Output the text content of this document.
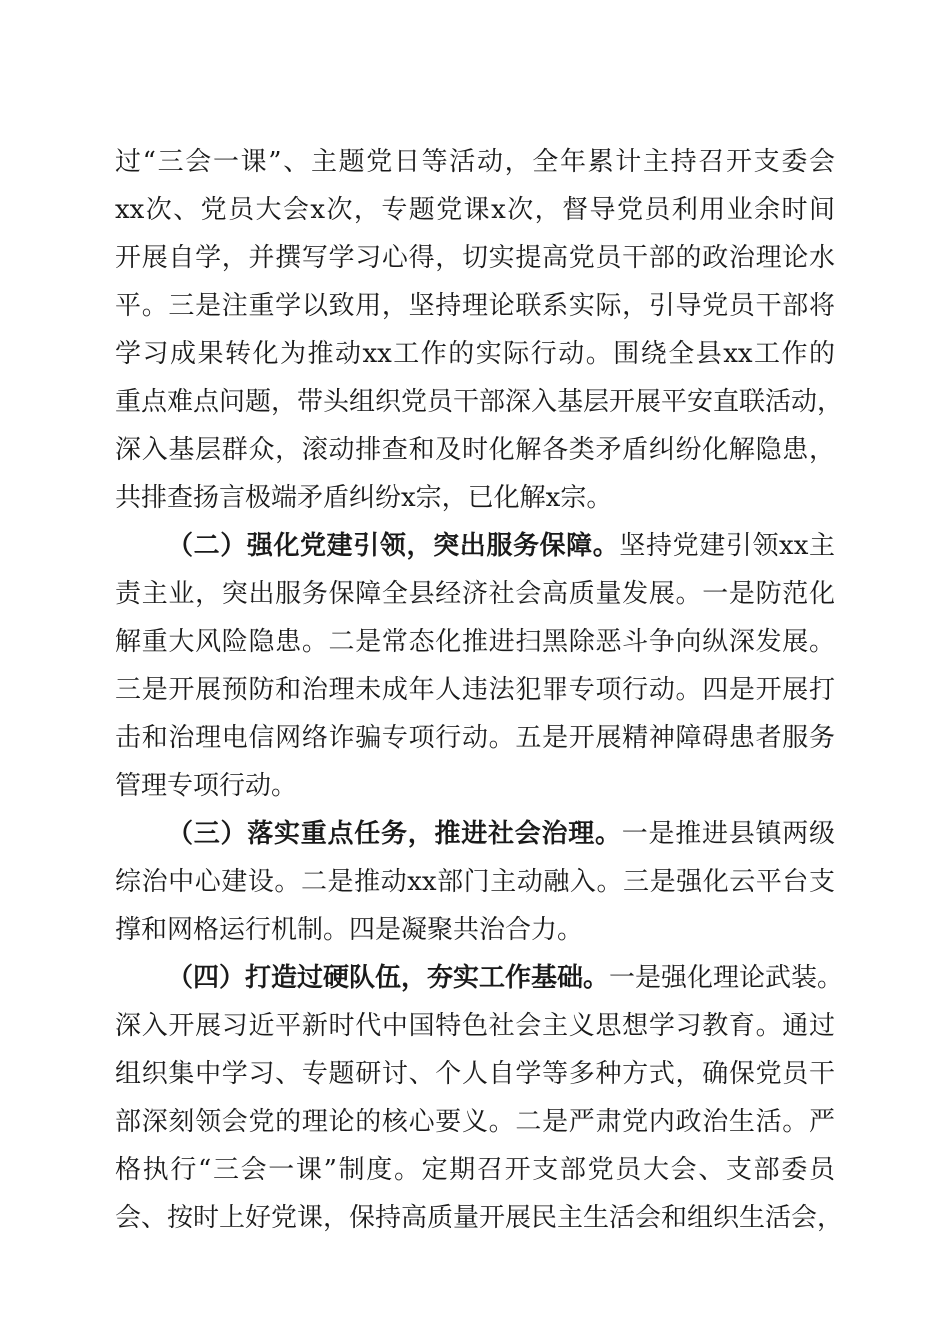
过“三会一课”、主题党日等活动，全年累计主持召开支委会
xx次、党员大会x次，专题党课x次，督导党员利用业余时间
开展自学，并撰写学习心得，切实提高党员干部的政治理论水
平。三是注重学以致用，坚持理论联系实际，引导党员干部将
学习成果转化为推动xx工作的实际行动。围绕全县xx工作的
重点难点问题，带头组织党员干部深入基层开展平安直联活动，
深入基层群众，滚动排查和及时化解各类矛盾纠纷化解隐患，
共排查扬言极端矛盾纠纷x宗，已化解x宗。
（二）强化党建引领，突出服务保障。坚持党建引领xx主
责主业，突出服务保障全县经济社会高质量发展。一是防范化
解重大风险隐患。二是常态化推进扫黑除恶斗争向纵深发展。
三是开展预防和治理未成年人违法犯罪专项行动。四是开展打
击和治理电信网络诈骗专项行动。五是开展精神障碍患者服务
管理专项行动。
（三）落实重点任务，推进社会治理。一是推进县镇两级
综治中心建设。二是推动xx部门主动融入。三是强化云平台支
撑和网格运行机制。四是凝聚共治合力。
（四）打造过硬队伍，夯实工作基础。一是强化理论武装。
深入开展习近平新时代中国特色社会主义思想学习教育。通过
组织集中学习、专题研讨、个人自学等多种方式，确保党员干
部深刻领会党的理论的核心要义。二是严肃党内政治生活。严
格执行“三会一课”制度。定期召开支部党员大会、支部委员
会、按时上好党课，保持高质量开展民主生活会和组织生活会，
